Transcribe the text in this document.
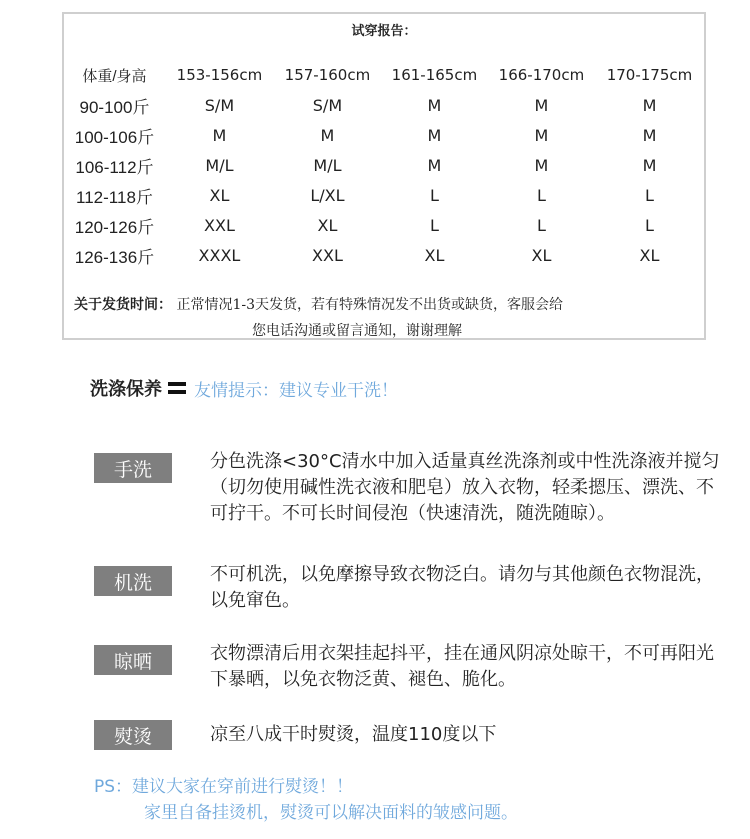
试穿报告：
体重/身高	153-156cm	157-160cm	161-165cm	166-170cm	170-175cm
90-100斤	S/M	S/M	M	M	M
100-106斤	M	M	M	M	M
106-112斤	M/L	M/L	M	M	M
112-118斤	XL	L/XL	L	L	L
120-126斤	XXL	XL	L	L	L
126-136斤	XXXL	XXL	XL	XL	XL
关于发货时间： 正常情况1-3天发货，若有特殊情况发不出货或缺货，客服会给
您电话沟通或留言通知，谢谢理解
洗涤保养 友情提示：建议专业干洗！
手洗	分色洗涤<30°C清水中加入适量真丝洗涤剂或中性洗涤液并搅匀（切勿使用碱性洗衣液和肥皂）放入衣物，轻柔摁压、漂洗、不可拧干。不可长时间侵泡（快速清洗，随洗随晾）。
机洗	不可机洗，以免摩擦导致衣物泛白。请勿与其他颜色衣物混洗，以免窜色。
晾晒	衣物漂清后用衣架挂起抖平，挂在通风阴凉处晾干，不可再阳光下暴晒，以免衣物泛黄、褪色、脆化。
熨烫	凉至八成干时熨烫，温度110度以下
PS：建议大家在穿前进行熨烫！！
家里自备挂烫机，熨烫可以解决面料的皱感问题。
